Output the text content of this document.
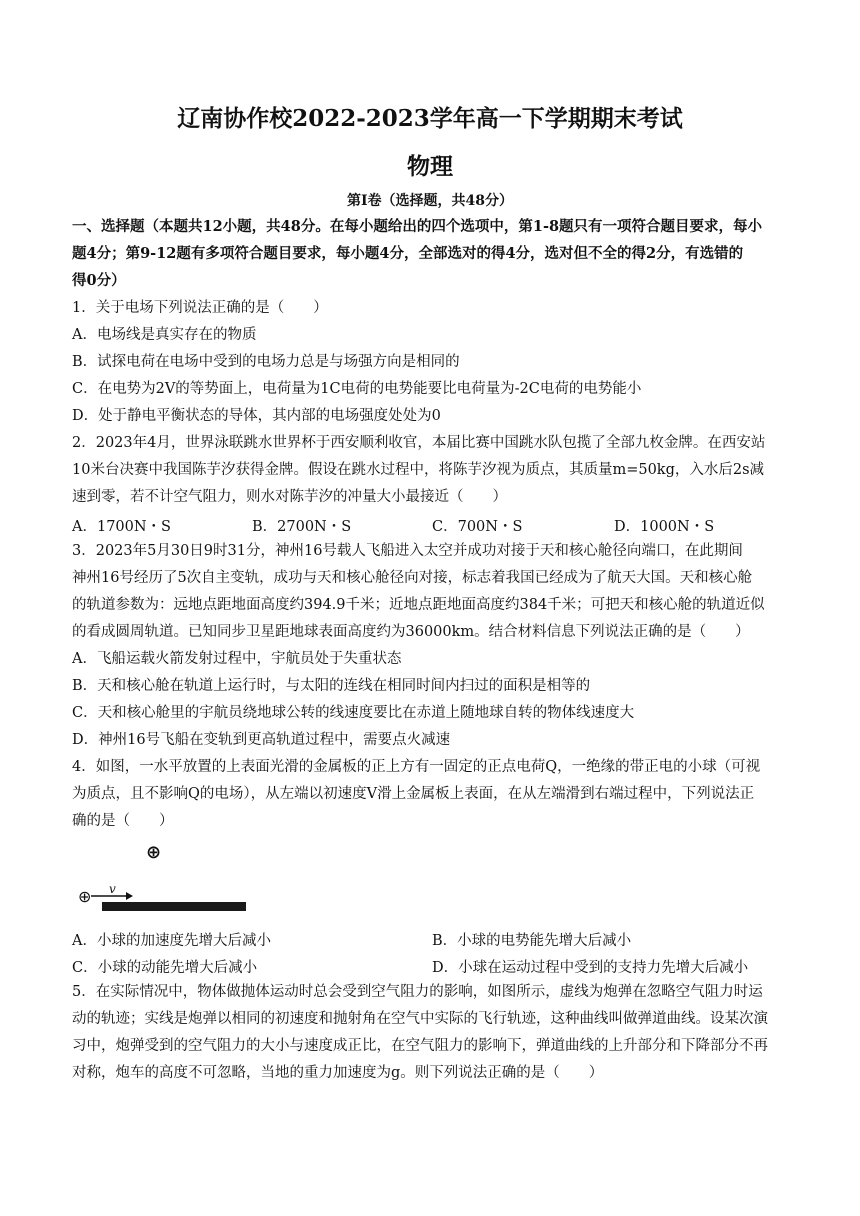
辽南协作校2022-2023学年高一下学期期末考试
物理
第Ⅰ卷（选择题，共48分）
一、选择题（本题共12小题，共48分。在每小题给出的四个选项中，第1-8题只有一项符合题目要求，每小
题4分；第9-12题有多项符合题目要求，每小题4分，全部选对的得4分，选对但不全的得2分，有选错的
得0分）
1．关于电场下列说法正确的是（　　）
A．电场线是真实存在的物质
B．试探电荷在电场中受到的电场力总是与场强方向是相同的
C．在电势为2V的等势面上，电荷量为1C电荷的电势能要比电荷量为-2C电荷的电势能小
D．处于静电平衡状态的导体，其内部的电场强度处处为0
2．2023年4月，世界泳联跳水世界杯于西安顺利收官，本届比赛中国跳水队包揽了全部九枚金牌。在西安站
10米台决赛中我国陈芋汐获得金牌。假设在跳水过程中，将陈芋汐视为质点，其质量m=50kg，入水后2s减
速到零，若不计空气阻力，则水对陈芋汐的冲量大小最接近（　　）
A．1700N・S	B．2700N・S	C．700N・S	D．1000N・S
3．2023年5月30日9时31分，神州16号载人飞船进入太空并成功对接于天和核心舱径向端口，在此期间
神州16号经历了5次自主变轨，成功与天和核心舱径向对接，标志着我国已经成为了航天大国。天和核心舱
的轨道参数为：远地点距地面高度约394.9千米；近地点距地面高度约384千米；可把天和核心舱的轨道近似
的看成圆周轨道。已知同步卫星距地球表面高度约为36000km。结合材料信息下列说法正确的是（　　）
A．飞船运载火箭发射过程中，宇航员处于失重状态
B．天和核心舱在轨道上运行时，与太阳的连线在相同时间内扫过的面积是相等的
C．天和核心舱里的宇航员绕地球公转的线速度要比在赤道上随地球自转的物体线速度大
D．神州16号飞船在变轨到更高轨道过程中，需要点火减速
4．如图，一水平放置的上表面光滑的金属板的正上方有一固定的正点电荷Q，一绝缘的带正电的小球（可视
为质点，且不影响Q的电场），从左端以初速度V滑上金属板上表面，在从左端滑到右端过程中，下列说法正
确的是（　　）
⊕
⊕ v
A．小球的加速度先增大后减小	B．小球的电势能先增大后减小
C．小球的动能先增大后减小	D．小球在运动过程中受到的支持力先增大后减小
5．在实际情况中，物体做抛体运动时总会受到空气阻力的影响，如图所示，虚线为炮弹在忽略空气阻力时运
动的轨迹；实线是炮弹以相同的初速度和抛射角在空气中实际的飞行轨迹，这种曲线叫做弹道曲线。设某次演
习中，炮弹受到的空气阻力的大小与速度成正比，在空气阻力的影响下，弹道曲线的上升部分和下降部分不再
对称，炮车的高度不可忽略，当地的重力加速度为g。则下列说法正确的是（　　）
